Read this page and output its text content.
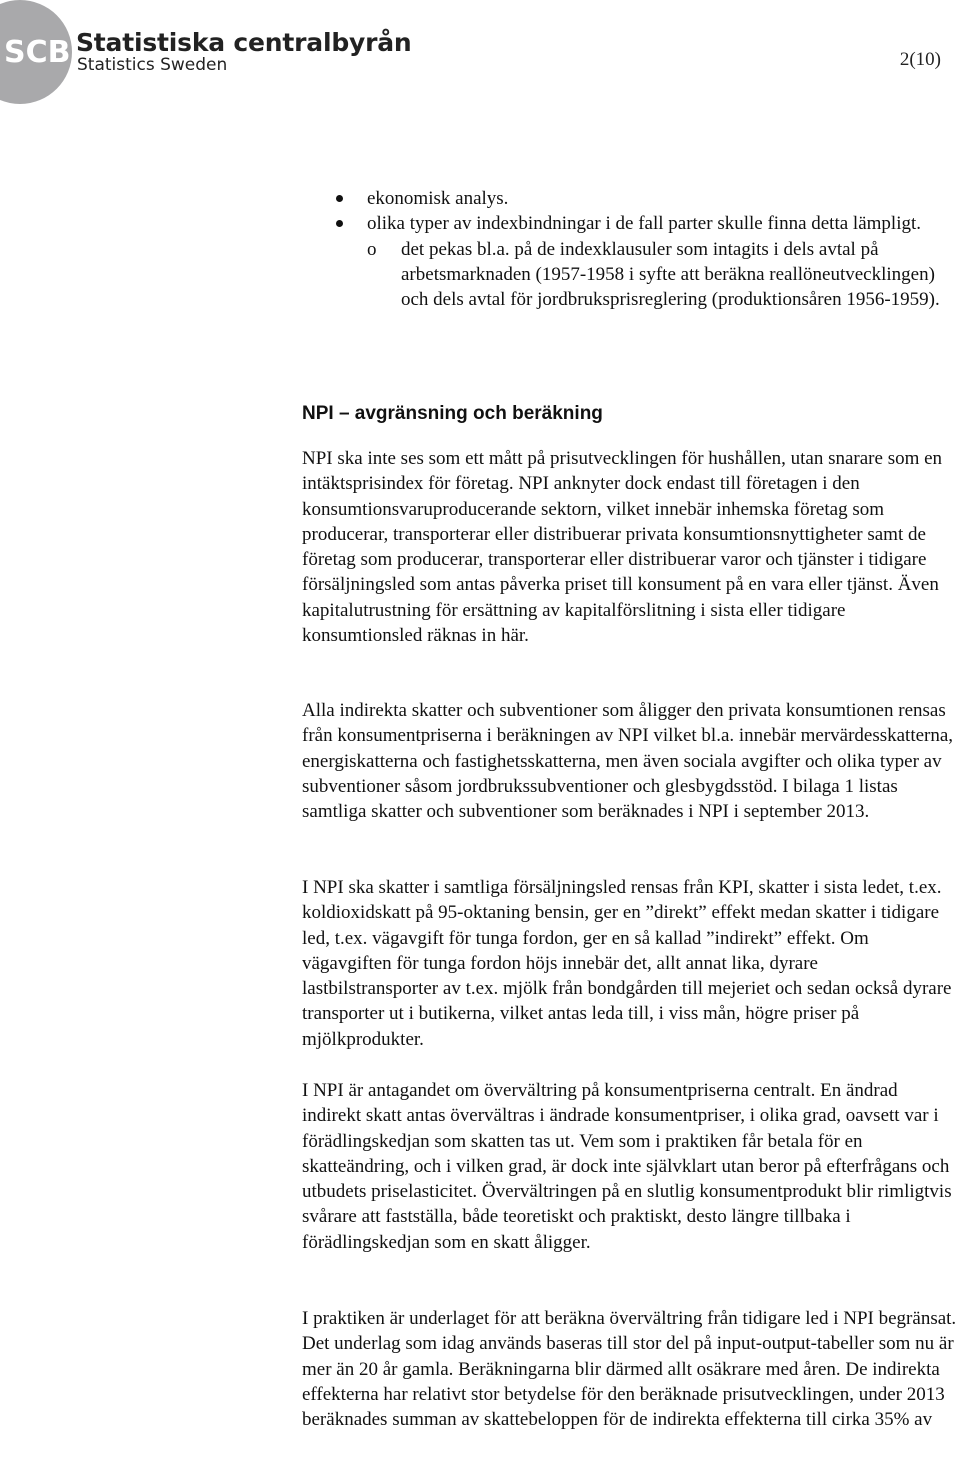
SCB Statistiska centralbyrån
Statistics Sweden	2(10)
ekonomisk analys.
olika typer av indexbindningar i de fall parter skulle finna detta lämpligt.
o det pekas bl.a. på de indexklausuler som intagits i dels avtal på arbetsmarknaden (1957-1958 i syfte att beräkna reallöneutvecklingen) och dels avtal för jordbruksprisreglering (produktionsåren 1956-1959).
NPI – avgränsning och beräkning

NPI ska inte ses som ett mått på prisutvecklingen för hushållen, utan snarare som en intäktsprisindex för företag. NPI anknyter dock endast till företagen i den konsumtionsvaruproducerande sektorn, vilket innebär inhemska företag som producerar, transporterar eller distribuerar privata konsumtionsnyttigheter samt de företag som producerar, transporterar eller distribuerar varor och tjänster i tidigare försäljningsled som antas påverka priset till konsument på en vara eller tjänst. Även kapitalutrustning för ersättning av kapitalförslitning i sista eller tidigare konsumtionsled räknas in här.

Alla indirekta skatter och subventioner som åligger den privata konsumtionen rensas från konsumentpriserna i beräkningen av NPI vilket bl.a. innebär mervärdesskatterna, energiskatterna och fastighetsskatterna, men även sociala avgifter och olika typer av subventioner såsom jordbrukssubventioner och glesbygdsstöd. I bilaga 1 listas samtliga skatter och subventioner som beräknades i NPI i september 2013.

I NPI ska skatter i samtliga försäljningsled rensas från KPI, skatter i sista ledet, t.ex. koldioxidskatt på 95-oktaning bensin, ger en ”direkt” effekt medan skatter i tidigare led, t.ex. vägavgift för tunga fordon, ger en så kallad ”indirekt” effekt. Om vägavgiften för tunga fordon höjs innebär det, allt annat lika, dyrare lastbilstransporter av t.ex. mjölk från bondgården till mejeriet och sedan också dyrare transporter ut i butikerna, vilket antas leda till, i viss mån, högre priser på mjölkprodukter.

I NPI är antagandet om övervältring på konsumentpriserna centralt. En ändrad indirekt skatt antas övervältras i ändrade konsumentpriser, i olika grad, oavsett var i förädlingskedjan som skatten tas ut. Vem som i praktiken får betala för en skatteändring, och i vilken grad, är dock inte självklart utan beror på efterfrågans och utbudets priselasticitet. Övervältringen på en slutlig konsumentprodukt blir rimligtvis svårare att fastställa, både teoretiskt och praktiskt, desto längre tillbaka i förädlingskedjan som en skatt åligger.

I praktiken är underlaget för att beräkna övervältring från tidigare led i NPI begränsat. Det underlag som idag används baseras till stor del på input-output-tabeller som nu är mer än 20 år gamla. Beräkningarna blir därmed allt osäkrare med åren. De indirekta effekterna har relativt stor betydelse för den beräknade prisutvecklingen, under 2013 beräknades summan av skattebeloppen för de indirekta effekterna till cirka 35% av
